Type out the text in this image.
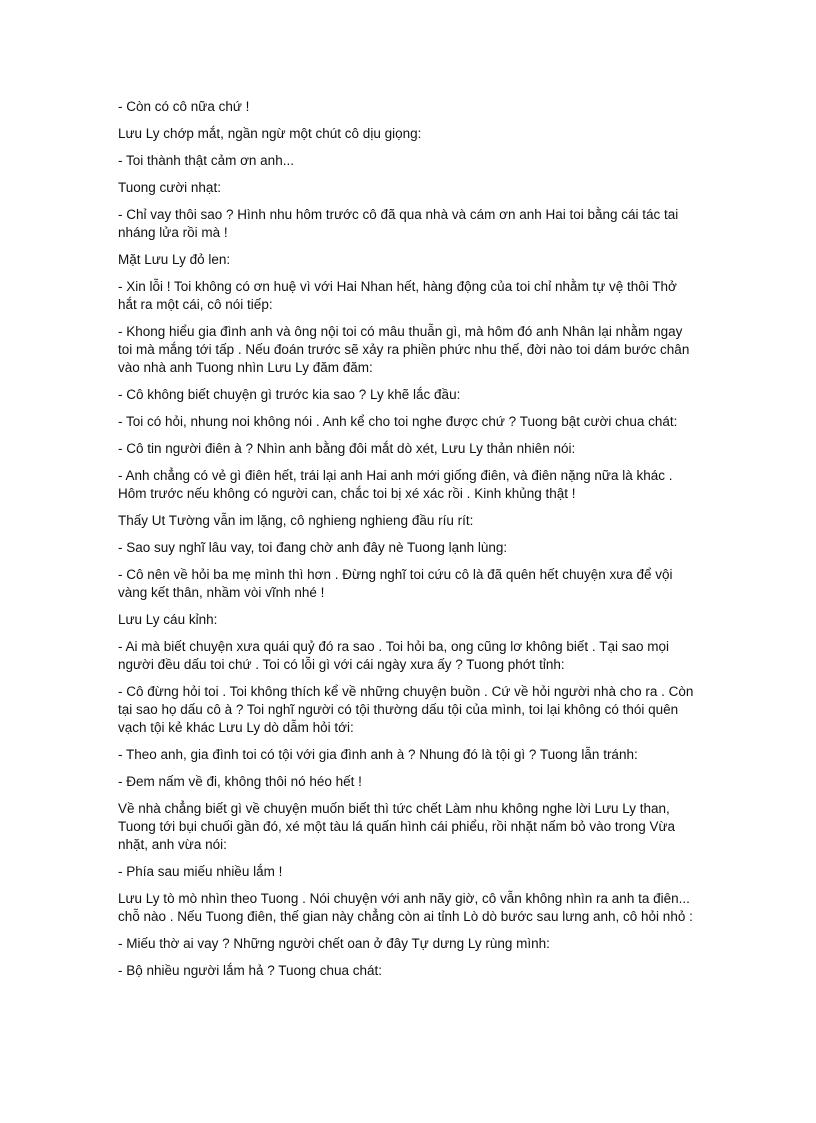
- Còn có cô nữa chứ !

Lưu Ly chớp mắt, ngần ngừ một chút cô dịu giọng:

- Toi thành thật cảm ơn anh...

Tuong cười nhạt:

- Chỉ vay thôi sao ? Hình nhu hôm trước cô đã qua nhà và cám ơn anh Hai toi bằng cái tác tai nháng lửa rồi mà !

Mặt Lưu Ly đỏ len:

- Xin lỗi ! Toi không có ơn huệ vì với Hai Nhan hết, hàng động của toi chỉ nhằm tự vệ thôi Thở hắt ra một cái, cô nói tiếp:

- Khong hiểu gia đình anh và ông nội toi có mâu thuẫn gì, mà hôm đó anh Nhân lại nhằm ngay toi mà mắng tới tấp . Nếu đoán trước sẽ xảy ra phiền phức nhu thế, đời nào toi dám bước chân vào nhà anh Tuong nhìn Lưu Ly đăm đăm:

- Cô không biết chuyện gì trước kia sao ? Ly khẽ lắc đầu:

- Toi có hỏi, nhung noi không nói . Anh kể cho toi nghe được chứ ? Tuong bật cười chua chát:

- Cô tin người điên à ? Nhìn anh bằng đôi mắt dò xét, Lưu Ly thản nhiên nói:

- Anh chẳng có vẻ gì điên hết, trái lại anh Hai anh mới giống điên, và điên nặng nữa là khác . Hôm trước nếu không có người can, chắc toi bị xé xác rồi . Kinh khủng thật !

Thấy Ut Tường vẫn im lặng, cô nghieng nghieng đầu ríu rít:

- Sao suy nghĩ lâu vay, toi đang chờ anh đây nè Tuong lạnh lùng:

- Cô nên về hỏi ba mẹ mình thì hơn . Đừng nghĩ toi cứu cô là đã quên hết chuyện xưa để vội vàng kết thân, nhầm vòi vĩnh nhé !

Lưu Ly cáu kỉnh:

- Ai mà biết chuyện xưa quái quỷ đó ra sao . Toi hỏi ba, ong cũng lơ không biết . Tại sao mọi người đều dấu toi chứ . Toi có lỗi gì với cái ngày xưa ấy ? Tuong phớt tỉnh:

- Cô đừng hỏi toi . Toi không thích kể về những chuyện buồn . Cứ về hỏi người nhà cho ra . Còn tại sao họ dấu cô à ? Toi nghĩ người có tội thường dấu tội của mình, toi lại không có thói quên vạch tội kẻ khác Lưu Ly dò dẫm hỏi tới:

- Theo anh, gia đình toi có tội với gia đình anh à ? Nhung đó là tội gì ? Tuong lẫn tránh:

- Đem nấm về đi, không thôi nó héo hết !

Về nhà chẳng biết gì về chuyện muốn biết thì tức chết Làm nhu không nghe lời Lưu Ly than, Tuong tới bụi chuối gần đó, xé một tàu lá quấn hình cái phiểu, rồi nhặt nấm bỏ vào trong Vừa nhặt, anh vừa nói:

- Phía sau miếu nhiều lắm !

Lưu Ly tò mò nhìn theo Tuong . Nói chuyện với anh nãy giờ, cô vẫn không nhìn ra anh ta điên... chỗ nào . Nếu Tuong điên, thế gian này chẳng còn ai tỉnh Lò dò bước sau lưng anh, cô hỏi nhỏ :

- Miếu thờ ai vay ? Những người chết oan ở đây Tự dưng Ly rùng mình:

- Bộ nhiều người lắm hả ? Tuong chua chát:
